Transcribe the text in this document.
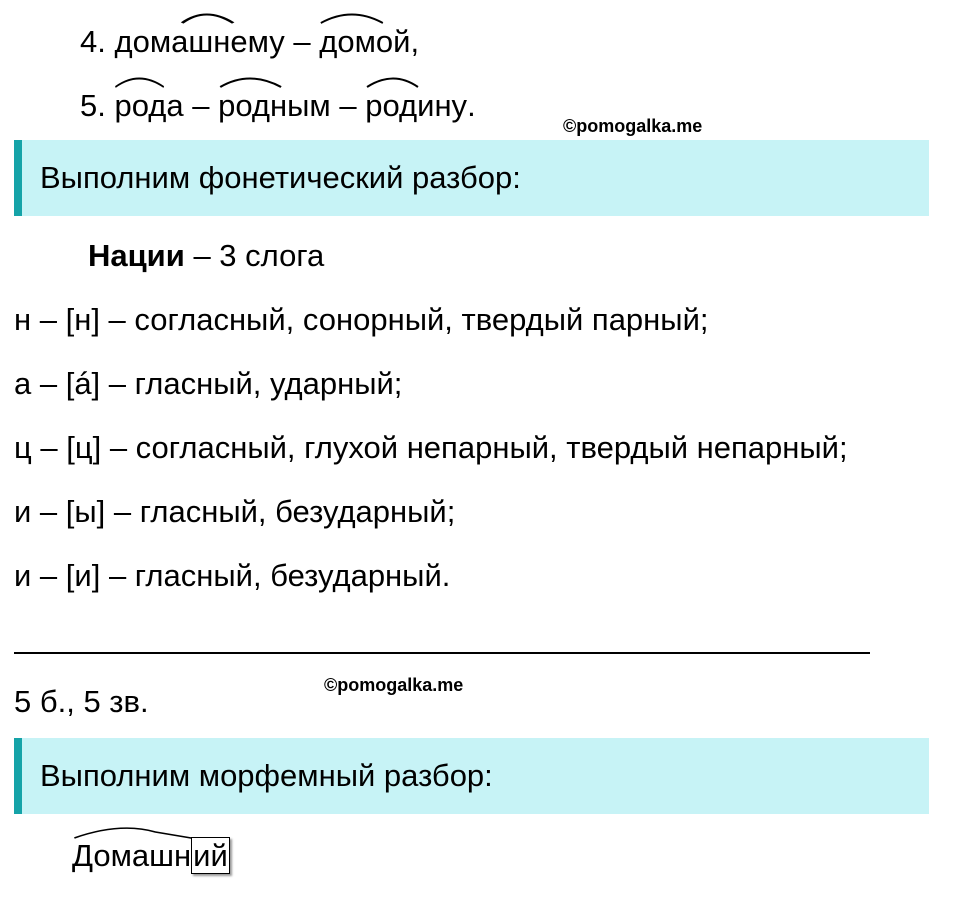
4. домашнему – домой,
5. рода – родным – родину.
©pomogalka.me
Выполним фонетический разбор:
Нации – 3 слога
н – [н] – согласный, сонорный, твердый парный;
а – [á] – гласный, ударный;
ц – [ц] – согласный, глухой непарный, твердый непарный;
и – [ы] – гласный, безударный;
и – [и] – гласный, безударный.
©pomogalka.me
5 б., 5 зв.
Выполним морфемный разбор:
Домашний
